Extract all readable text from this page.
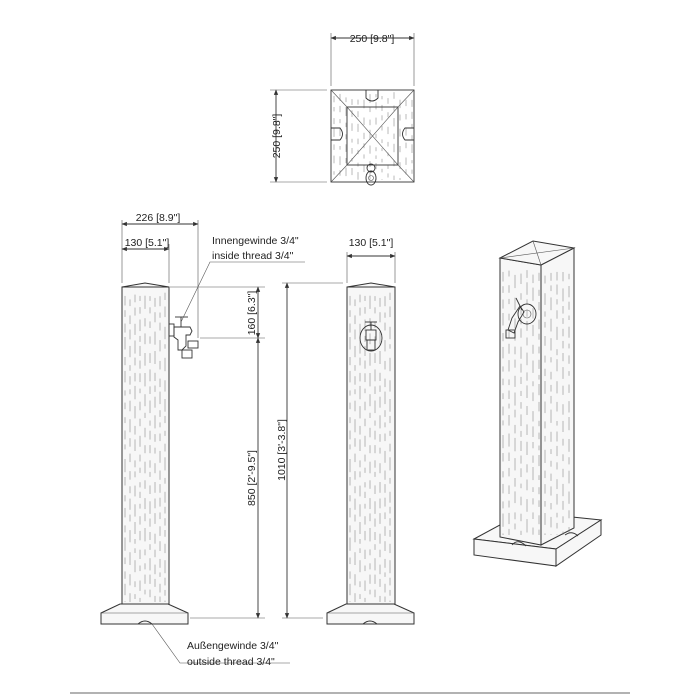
250 [9.8"]
250 [9.8"]
226 [8.9"]
130 [5.1"]	Innengewinde 3/4"
inside thread 3/4"
160 [6.3"]
850 [2'-9.5"]
Außengewinde 3/4"
outside thread 3/4"
130 [5.1"]
1010 [3'-3.8"]
